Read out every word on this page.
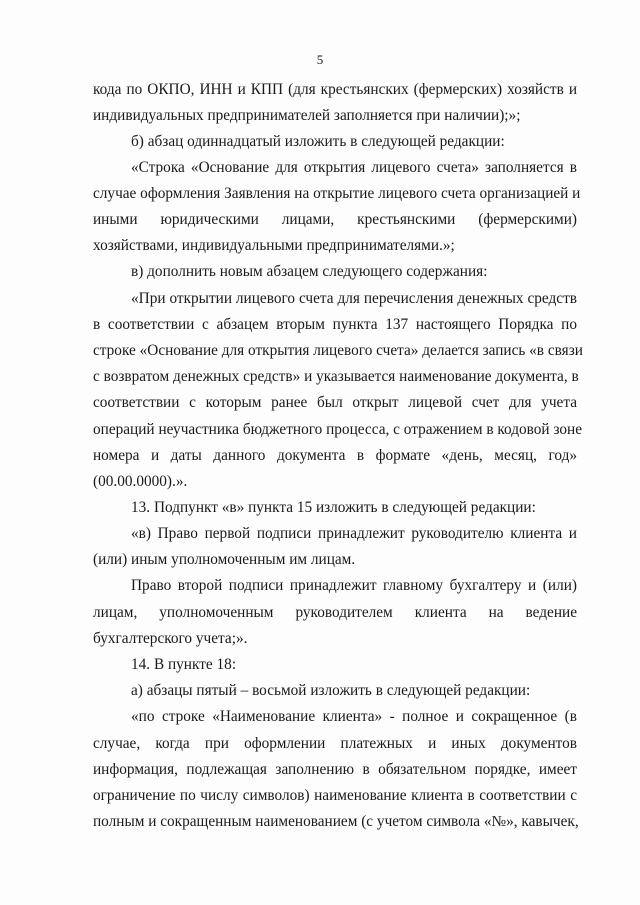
5
кода по ОКПО, ИНН и КПП (для крестьянских (фермерских) хозяйств и
индивидуальных предпринимателей заполняется при наличии);»;
б) абзац одиннадцатый изложить в следующей редакции:
«Строка «Основание для открытия лицевого счета» заполняется в
случае оформления Заявления на открытие лицевого счета организацией и
иными юридическими лицами, крестьянскими (фермерскими)
хозяйствами, индивидуальными предпринимателями.»;
в) дополнить новым абзацем следующего содержания:
«При открытии лицевого счета для перечисления денежных средств
в соответствии с абзацем вторым пункта 137 настоящего Порядка по
строке «Основание для открытия лицевого счета» делается запись «в связи
с возвратом денежных средств» и указывается наименование документа, в
соответствии с которым ранее был открыт лицевой счет для учета
операций неучастника бюджетного процесса, с отражением в кодовой зоне
номера и даты данного документа в формате «день, месяц, год»
(00.00.0000).».
13. Подпункт «в» пункта 15 изложить в следующей редакции:
«в) Право первой подписи принадлежит руководителю клиента и
(или) иным уполномоченным им лицам.
Право второй подписи принадлежит главному бухгалтеру и (или)
лицам, уполномоченным руководителем клиента на ведение
бухгалтерского учета;».
14. В пункте 18:
а) абзацы пятый – восьмой изложить в следующей редакции:
«по строке «Наименование клиента» - полное и сокращенное (в
случае, когда при оформлении платежных и иных документов
информация, подлежащая заполнению в обязательном порядке, имеет
ограничение по числу символов) наименование клиента в соответствии с
полным и сокращенным наименованием (с учетом символа «№», кавычек,
